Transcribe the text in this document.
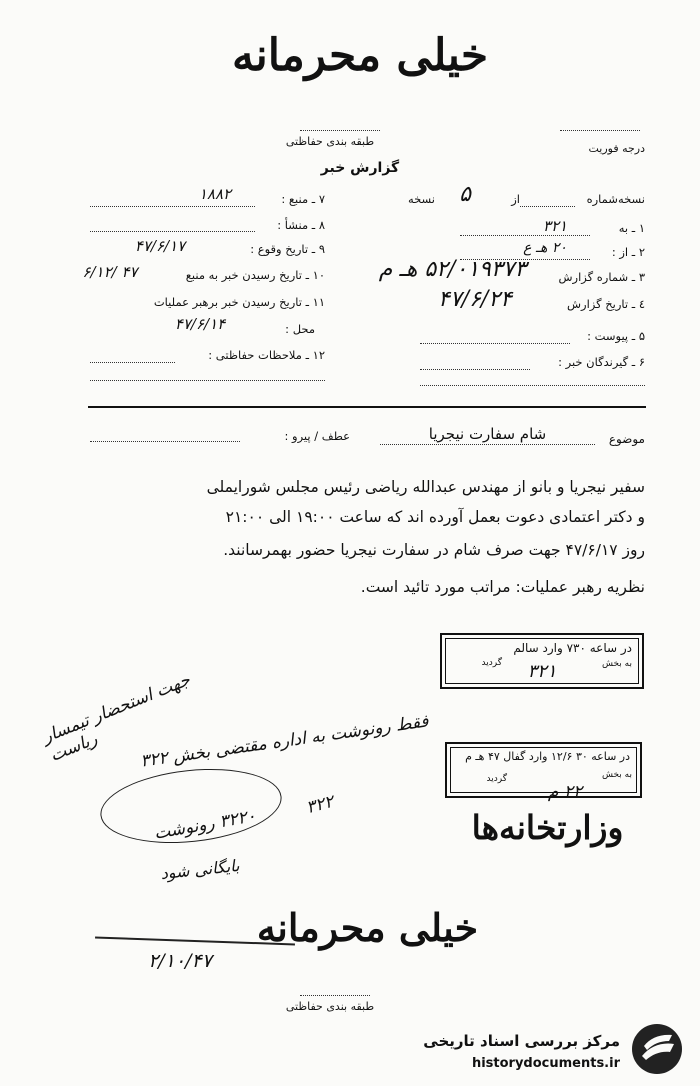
خیلی محرمانه
طبقه بندی حفاظتی
درجه فوریت
گزارش خبر
نسخه‌شماره
از
۵
نسخه
۱ ـ به
۳۲۱
۲ ـ از :
۲۰ هـ ع
۳ ـ شماره گزارش
۵۲/۰۱۹۳۷۳ هـ م
٤ ـ تاریخ گزارش
۴۷/۶/۲۴
۵ ـ پیوست :
۶ ـ گیرندگان خبر :
۷ ـ منبع :
۱۸۸۲
۸ ـ منشأ :
۹ ـ تاریخ وقوع :
۴۷/۶/۱۷
۱۰ ـ تاریخ رسیدن خبر به منبع
۶/۱۲/ ۴۷
۱۱ ـ تاریخ رسیدن خبر برهبر عملیات
محل :
۴۷/۶/۱۴
۱۲ ـ ملاحظات حفاظتی :
موضوع
شام سفارت نیجریا
عطف / پیرو :
سفیر نیجریا و بانو از مهندس عبدالله ریاضی رئیس مجلس شورایملی
و دکتر اعتمادی دعوت بعمل آورده اند که ساعت ۱۹:۰۰ الی ۲۱:۰۰
روز ۴۷/۶/۱۷ جهت صرف شام در سفارت نیجریا حضور بهمرسانند.
نظریه رهبر عملیات: مراتب مورد تائید است.
در ساعه ۷۳۰ وارد سالم
به بخش
گردید	۳۲۱
جهت استحضار تیمسار ریاست	فقط رونوشت به اداره مقتضی بخش ۳۲۲
۳۲۲
۳۲۲۰ رونوشت
بایگانی شود
در ساعه ۳۰ ۱۲/۶ وارد گفال ۴۷ هـ م
به بخش
گردید
۲۲ م
وزارتخانه‌ها
۲/۱۰/۴۷
خیلی محرمانه
طبقه بندی حفاظتی
مرکز بررسی اسناد تاریخی
historydocuments.ir
